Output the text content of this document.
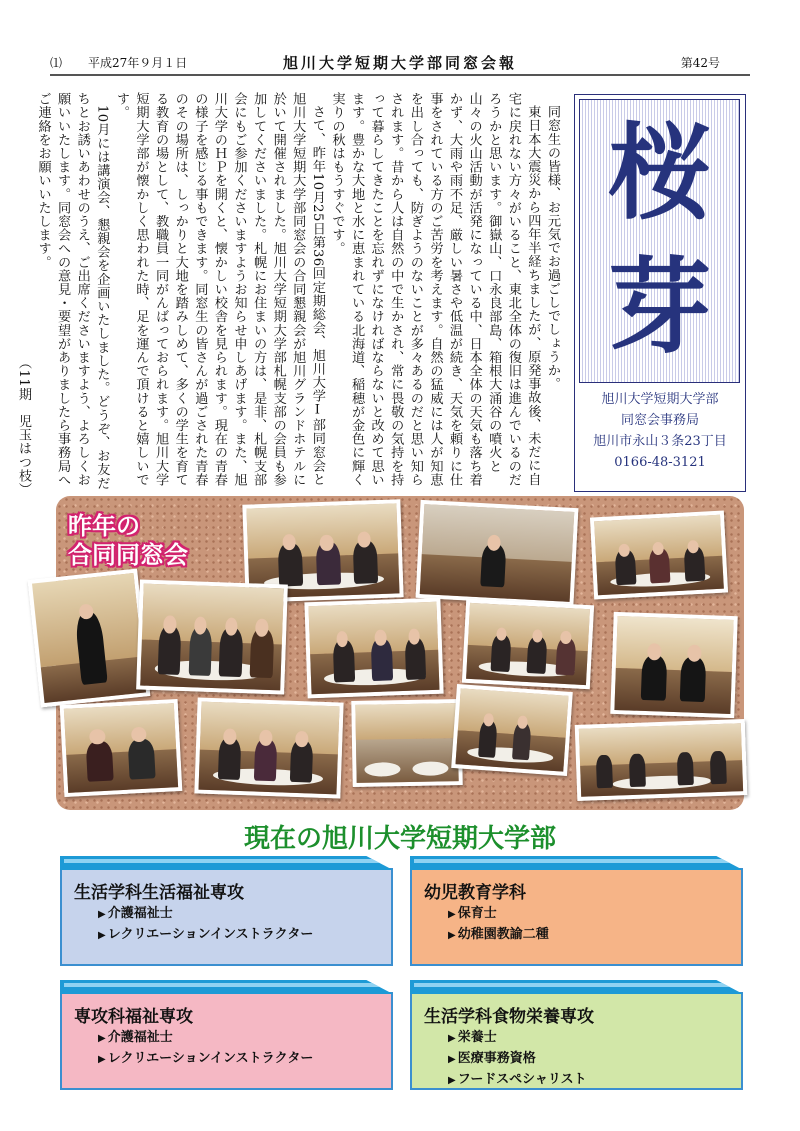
⑴ 平成27年９月１日	旭川大学短期大学部同窓会報	第42号

同窓生の皆様、お元気でお過ごしでしょうか。

東日本大震災から四年半経ちましたが、原発事故後、未だに自宅に戻れない方々がいること、東北全体の復旧は進んでいるのだろうかと思います。御嶽山、口永良部島、箱根大涌谷の噴火と山々の火山活動が活発になっている中、日本全体の天気も落ち着かず、大雨や雨不足、厳しい暑さや低温が続き、天気を頼りに仕事をされている方のご苦労を考えます。自然の猛威には人が知恵を出し合っても、防ぎようのないことが多々あるのだと思い知らされます。昔から人は自然の中で生かされ、常に畏敬の気持を持って暮らしてきたことを忘れずになければならないと改めて思います。豊かな大地と水に恵まれている北海道、稲穂が金色に輝く実りの秋はもうすぐです。

さて、昨年10月25日第36回定期総会、旭川大学Ⅰ部同窓会と旭川大学短期大学部同窓会の合同懇親会が旭川グランドホテルに於いて開催されました。旭川大学短期大学部札幌支部の会員も参加してくださいました。札幌にお住まいの方は、是非、札幌支部会にもご参加くださいますようお知らせ申しあげます。また、旭川大学のＨＰを開くと、懐かしい校舎を見られます。現在の青春の様子を感じる事もできます。同窓生の皆さんが過ごされた青春のその場所は、しっかりと大地を踏みしめて、多くの学生を育てる教育の場として、教職員一同がんばっておられます。旭川大学短期大学部が懐かしく思われた時、足を運んで頂けると嬉しいです。

10月には講演会、懇親会を企画いたしました。どうぞ、お友だちとお誘いあわせのうえ、ご出席くださいますよう、よろしくお願いいたします。同窓会への意見・要望がありましたら事務局へご連絡をお願いいたします。

（11期　児玉はつ枝）

桜
芽
旭川大学短期大学部
同窓会事務局
旭川市永山３条23丁目
0166-48-3121
昨年の
合同同窓会
現在の旭川大学短期大学部
生活学科生活福祉専攻
▶ 介護福祉士
▶ レクリエーションインストラクター
幼児教育学科
▶ 保育士
▶ 幼稚園教諭二種
専攻科福祉専攻
▶ 介護福祉士
▶ レクリエーションインストラクター
生活学科食物栄養専攻
▶ 栄養士
▶ 医療事務資格
▶ フードスペシャリスト
